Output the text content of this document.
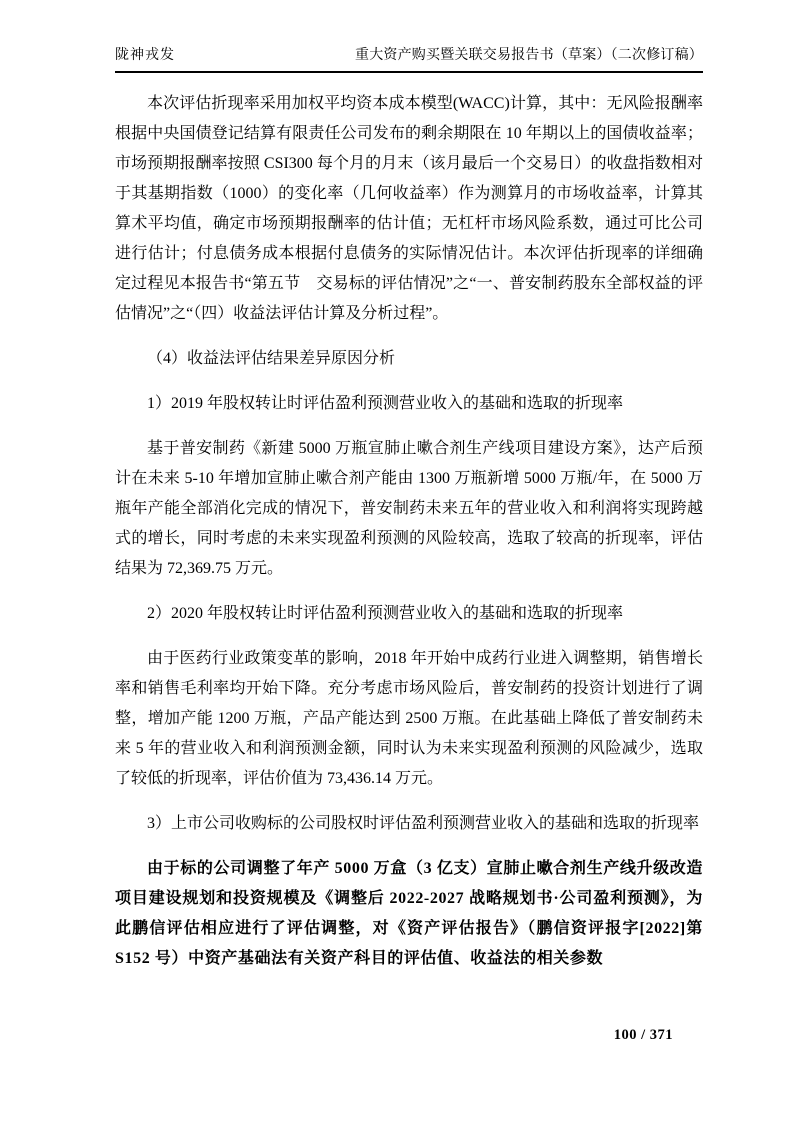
陇神戎发	重大资产购买暨关联交易报告书（草案）（二次修订稿）

本次评估折现率采用加权平均资本成本模型(WACC)计算，其中：无风险报酬率根据中央国债登记结算有限责任公司发布的剩余期限在 10 年期以上的国债收益率；市场预期报酬率按照 CSI300 每个月的月末（该月最后一个交易日）的收盘指数相对于其基期指数（1000）的变化率（几何收益率）作为测算月的市场收益率，计算其算术平均值，确定市场预期报酬率的估计值；无杠杆市场风险系数，通过可比公司进行估计；付息债务成本根据付息债务的实际情况估计。本次评估折现率的详细确定过程见本报告书“第五节　交易标的评估情况”之“一、普安制药股东全部权益的评估情况”之“（四）收益法评估计算及分析过程”。

（4）收益法评估结果差异原因分析

1）2019 年股权转让时评估盈利预测营业收入的基础和选取的折现率

基于普安制药《新建 5000 万瓶宣肺止嗽合剂生产线项目建设方案》，达产后预计在未来 5-10 年增加宣肺止嗽合剂产能由 1300 万瓶新增 5000 万瓶/年，在 5000 万瓶年产能全部消化完成的情况下，普安制药未来五年的营业收入和利润将实现跨越式的增长，同时考虑的未来实现盈利预测的风险较高，选取了较高的折现率，评估结果为 72,369.75 万元。

2）2020 年股权转让时评估盈利预测营业收入的基础和选取的折现率

由于医药行业政策变革的影响，2018 年开始中成药行业进入调整期，销售增长率和销售毛利率均开始下降。充分考虑市场风险后，普安制药的投资计划进行了调整，增加产能 1200 万瓶，产品产能达到 2500 万瓶。在此基础上降低了普安制药未来 5 年的营业收入和利润预测金额，同时认为未来实现盈利预测的风险减少，选取了较低的折现率，评估价值为 73,436.14 万元。

3）上市公司收购标的公司股权时评估盈利预测营业收入的基础和选取的折现率

由于标的公司调整了年产 5000 万盒（3 亿支）宣肺止嗽合剂生产线升级改造项目建设规划和投资规模及《调整后 2022-2027 战略规划书·公司盈利预测》，为此鹏信评估相应进行了评估调整，对《资产评估报告》（鹏信资评报字[2022]第 S152 号）中资产基础法有关资产科目的评估值、收益法的相关参数

100 / 371
